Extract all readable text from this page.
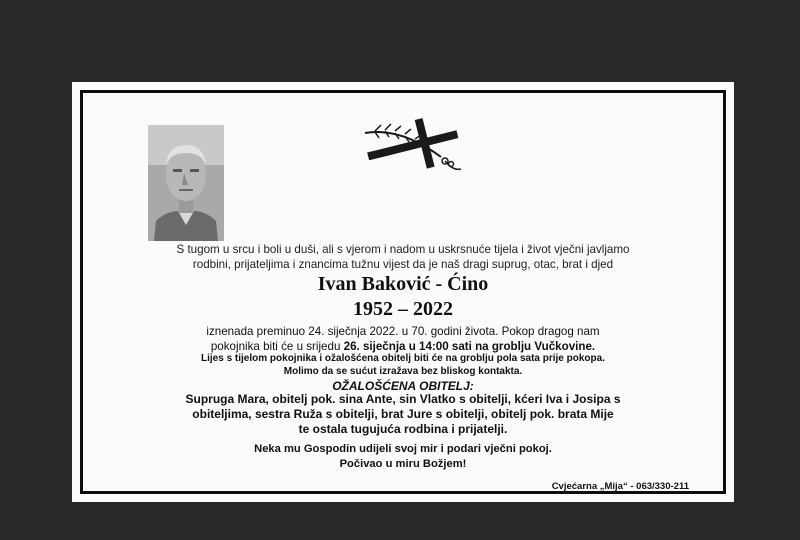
S tugom u srcu i boli u duši, ali s vjerom i nadom u uskrsnuće tijela i život vječni javljamo
rodbini, prijateljima i znancima tužnu vijest da je naš dragi suprug, otac, brat i djed
Ivan Baković - Ćino
1952 – 2022
iznenada preminuo 24. siječnja 2022. u 70. godini života. Pokop dragog nam
pokojnika biti će u srijedu 26. siječnja u 14:00 sati na groblju Vučkovine.
Lijes s tijelom pokojnika i ožalošćena obitelj biti će na groblju pola sata prije pokopa.
Molimo da se sućut izražava bez bliskog kontakta.
OŽALOŠĆENA OBITELJ:
Supruga Mara, obitelj pok. sina Ante, sin Vlatko s obitelji, kćeri Iva i Josipa s
obiteljima, sestra Ruža s obitelji, brat Jure s obitelji, obitelj pok. brata Mije
te ostala tugujuća rodbina i prijatelji.
Neka mu Gospodin udijeli svoj mir i podari vječni pokoj.
Počivao u miru Božjem!
Cvjećarna „Mija“ - 063/330-211
